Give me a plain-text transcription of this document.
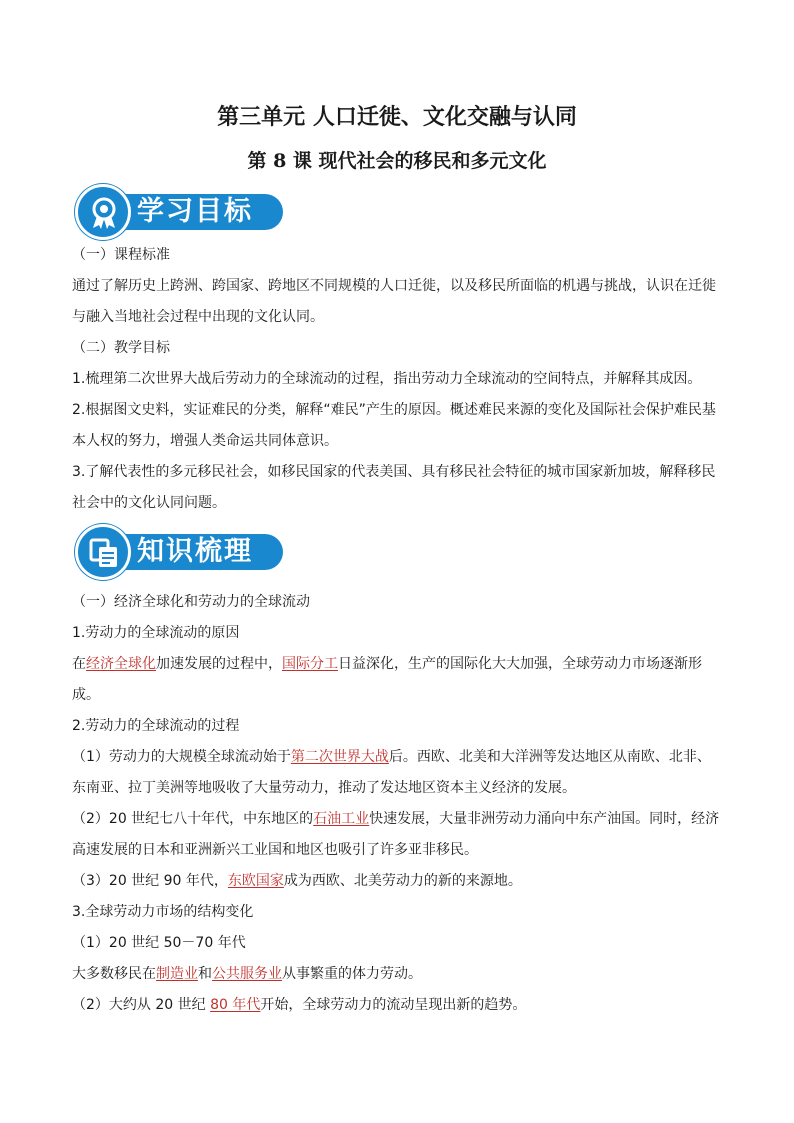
第三单元 人口迁徙、文化交融与认同
第 8 课 现代社会的移民和多元文化
学习目标

（一）课程标准

通过了解历史上跨洲、跨国家、跨地区不同规模的人口迁徙，以及移民所面临的机遇与挑战，认识在迁徙

与融入当地社会过程中出现的文化认同。

（二）教学目标

1.梳理第二次世界大战后劳动力的全球流动的过程，指出劳动力全球流动的空间特点，并解释其成因。

2.根据图文史料，实证难民的分类，解释“难民”产生的原因。概述难民来源的变化及国际社会保护难民基

本人权的努力，增强人类命运共同体意识。

3.了解代表性的多元移民社会，如移民国家的代表美国、具有移民社会特征的城市国家新加坡，解释移民

社会中的文化认同问题。

知识梳理

（一）经济全球化和劳动力的全球流动

1.劳动力的全球流动的原因

在经济全球化加速发展的过程中，国际分工日益深化，生产的国际化大大加强，全球劳动力市场逐渐形

成。

2.劳动力的全球流动的过程

（1）劳动力的大规模全球流动始于第二次世界大战后。西欧、北美和大洋洲等发达地区从南欧、北非、

东南亚、拉丁美洲等地吸收了大量劳动力，推动了发达地区资本主义经济的发展。

（2）20 世纪七八十年代，中东地区的石油工业快速发展，大量非洲劳动力涌向中东产油国。同时，经济

高速发展的日本和亚洲新兴工业国和地区也吸引了许多亚非移民。

（3）20 世纪 90 年代，东欧国家成为西欧、北美劳动力的新的来源地。

3.全球劳动力市场的结构变化

（1）20 世纪 50－70 年代

大多数移民在制造业和公共服务业从事繁重的体力劳动。

（2）大约从 20 世纪 80 年代开始，全球劳动力的流动呈现出新的趋势。
